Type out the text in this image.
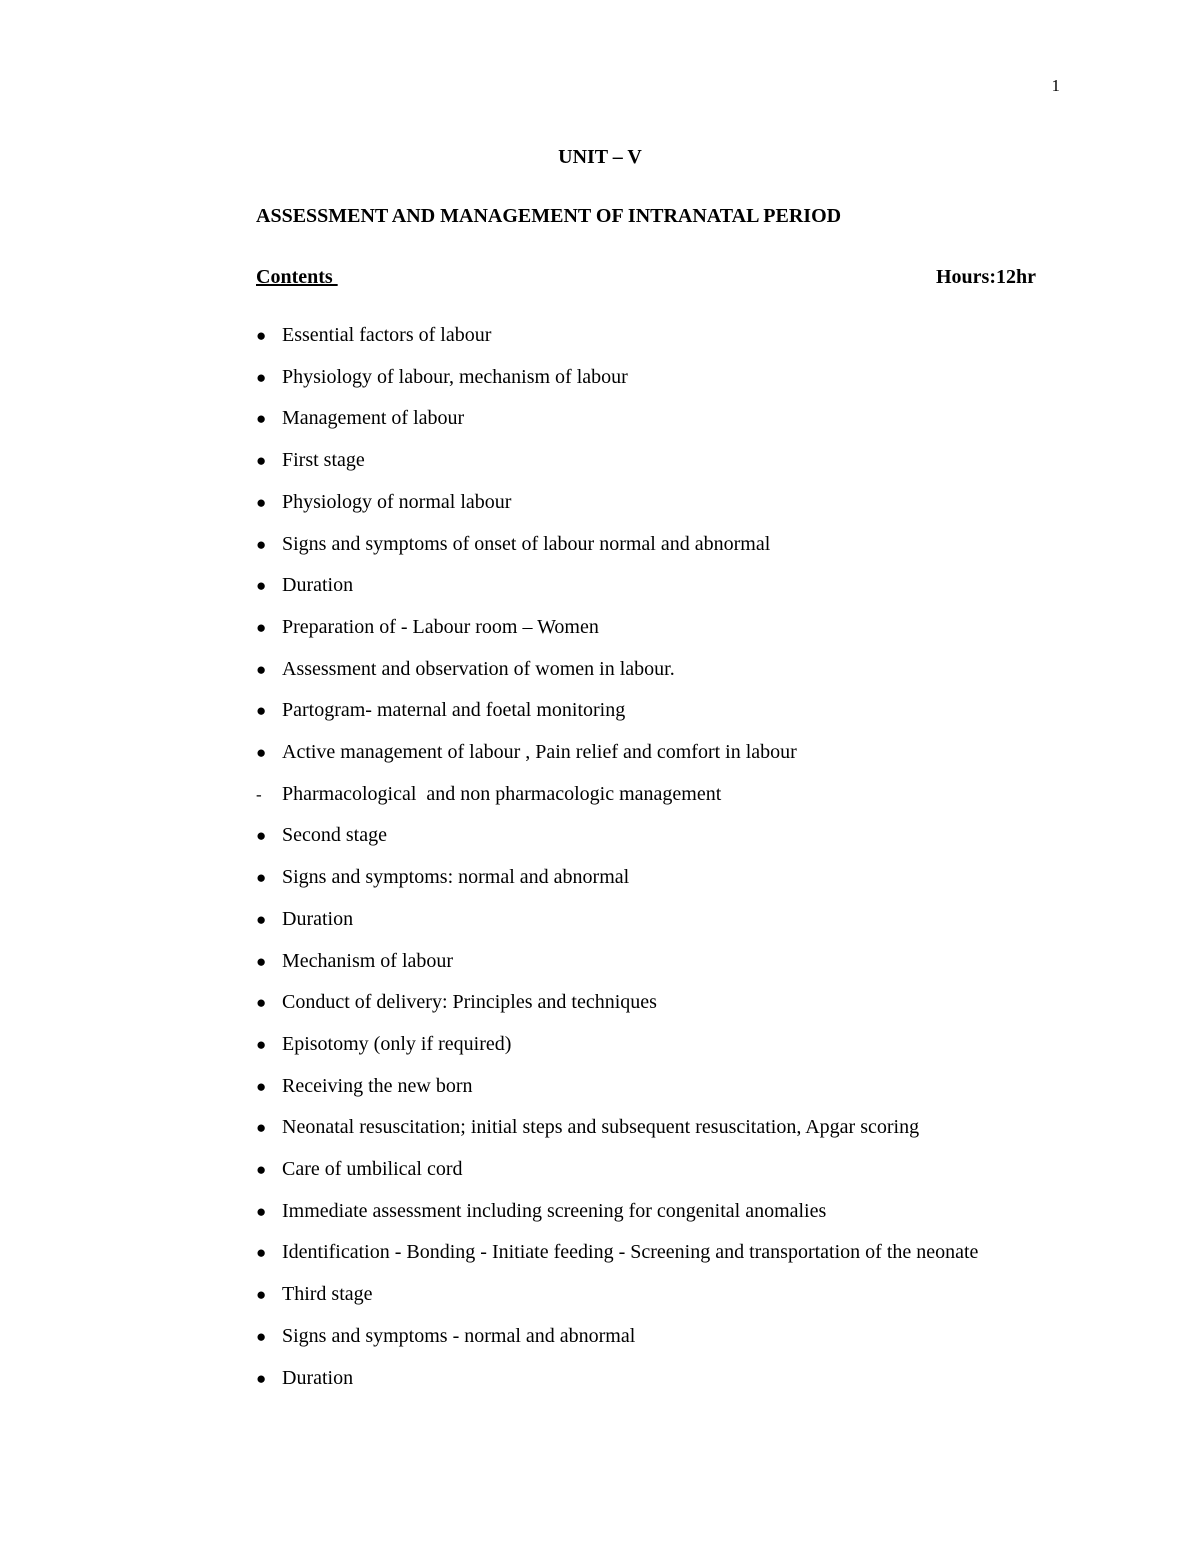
1
UNIT – V
ASSESSMENT AND MANAGEMENT OF INTRANATAL PERIOD
Contents	Hours:12hr
● Essential factors of labour
● Physiology of labour, mechanism of labour
● Management of labour
● First stage
● Physiology of normal labour
● Signs and symptoms of onset of labour normal and abnormal
● Duration
● Preparation of - Labour room – Women
● Assessment and observation of women in labour.
● Partogram- maternal and foetal monitoring
● Active management of labour , Pain relief and comfort in labour
- Pharmacological  and non pharmacologic management
● Second stage
● Signs and symptoms: normal and abnormal
● Duration
● Mechanism of labour
● Conduct of delivery: Principles and techniques
● Episotomy (only if required)
● Receiving the new born
● Neonatal resuscitation; initial steps and subsequent resuscitation, Apgar scoring
● Care of umbilical cord
● Immediate assessment including screening for congenital anomalies
● Identification - Bonding - Initiate feeding - Screening and transportation of the neonate
● Third stage
● Signs and symptoms - normal and abnormal
● Duration
